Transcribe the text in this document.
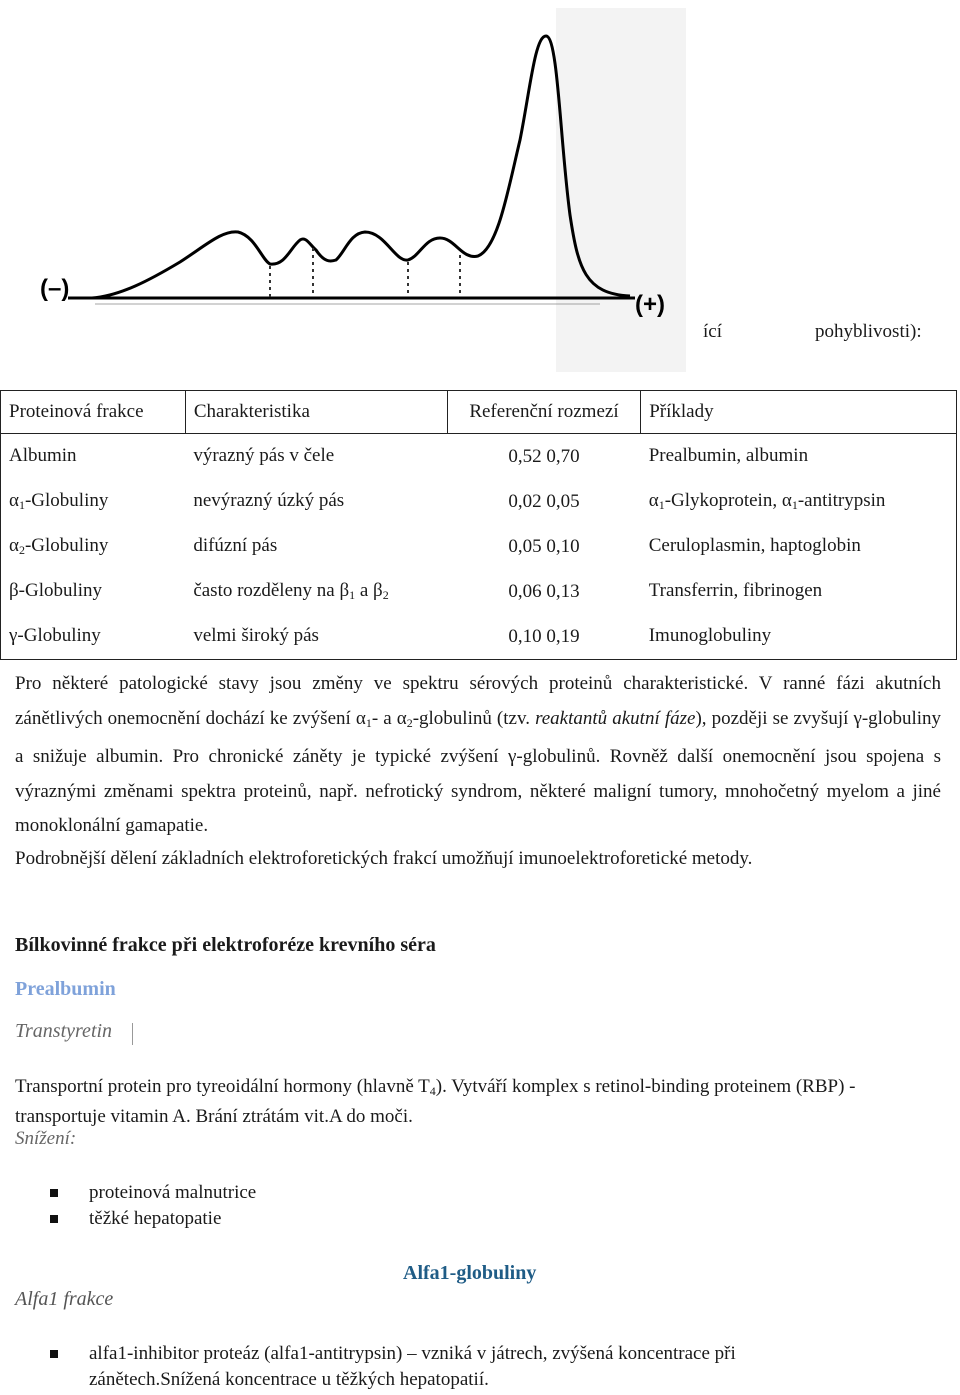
(–)
(+)
ící	pohyblivosti):
Proteinová frakce	Charakteristika	Referenční rozmezí	Příklady
Albumin	výrazný pás v čele	0,52 0,70	Prealbumin, albumin
$\alpha_1$-Globuliny	nevýrazný úzký pás	0,02 0,05	$\alpha_1$-Glykoprotein, $\alpha_1$-antitrypsin
$\alpha_2$-Globuliny	difúzní pás	0,05 0,10	Ceruloplasmin, haptoglobin
β-Globuliny	často rozděleny na $\beta_1$ a $\beta_2$	0,06 0,13	Transferrin, fibrinogen
γ-Globuliny	velmi široký pás	0,10 0,19	Imunoglobuliny
Pro některé patologické stavy jsou změny ve spektru sérových proteinů charakteristické. V ranné fázi akutních zánětlivých onemocnění dochází ke zvýšení $\alpha_1-$ a $\alpha_2$-globulinů (tzv. reaktantů akutní fáze), později se zvyšují γ-globuliny a snižuje albumin. Pro chronické záněty je typické zvýšení γ-globulinů. Rovněž další onemocnění jsou spojena s výraznými změnami spektra proteinů, např. nefrotický syndrom, některé maligní tumory, mnohočetný myelom a jiné monoklonální gamapatie.
Podrobnější dělení základních elektroforetických frakcí umožňují imunoelektroforetické metody.
Bílkovinné frakce při elektroforéze krevního séra
Prealbumin
Transtyretin
Transportní protein pro tyreoidální hormony (hlavně $T_4$). Vytváří komplex s retinol-binding proteinem (RBP) - transportuje vitamin A. Brání ztrátám vit.A do moči.
Snížení:
proteinová malnutrice
těžké hepatopatie
Alfa1-globuliny
Alfa1 frakce
alfa1-inhibitor proteáz (alfa1-antitrypsin) – vzniká v játrech, zvýšená koncentrace při zánětech.Snížená koncentrace u těžkých hepatopatií.
